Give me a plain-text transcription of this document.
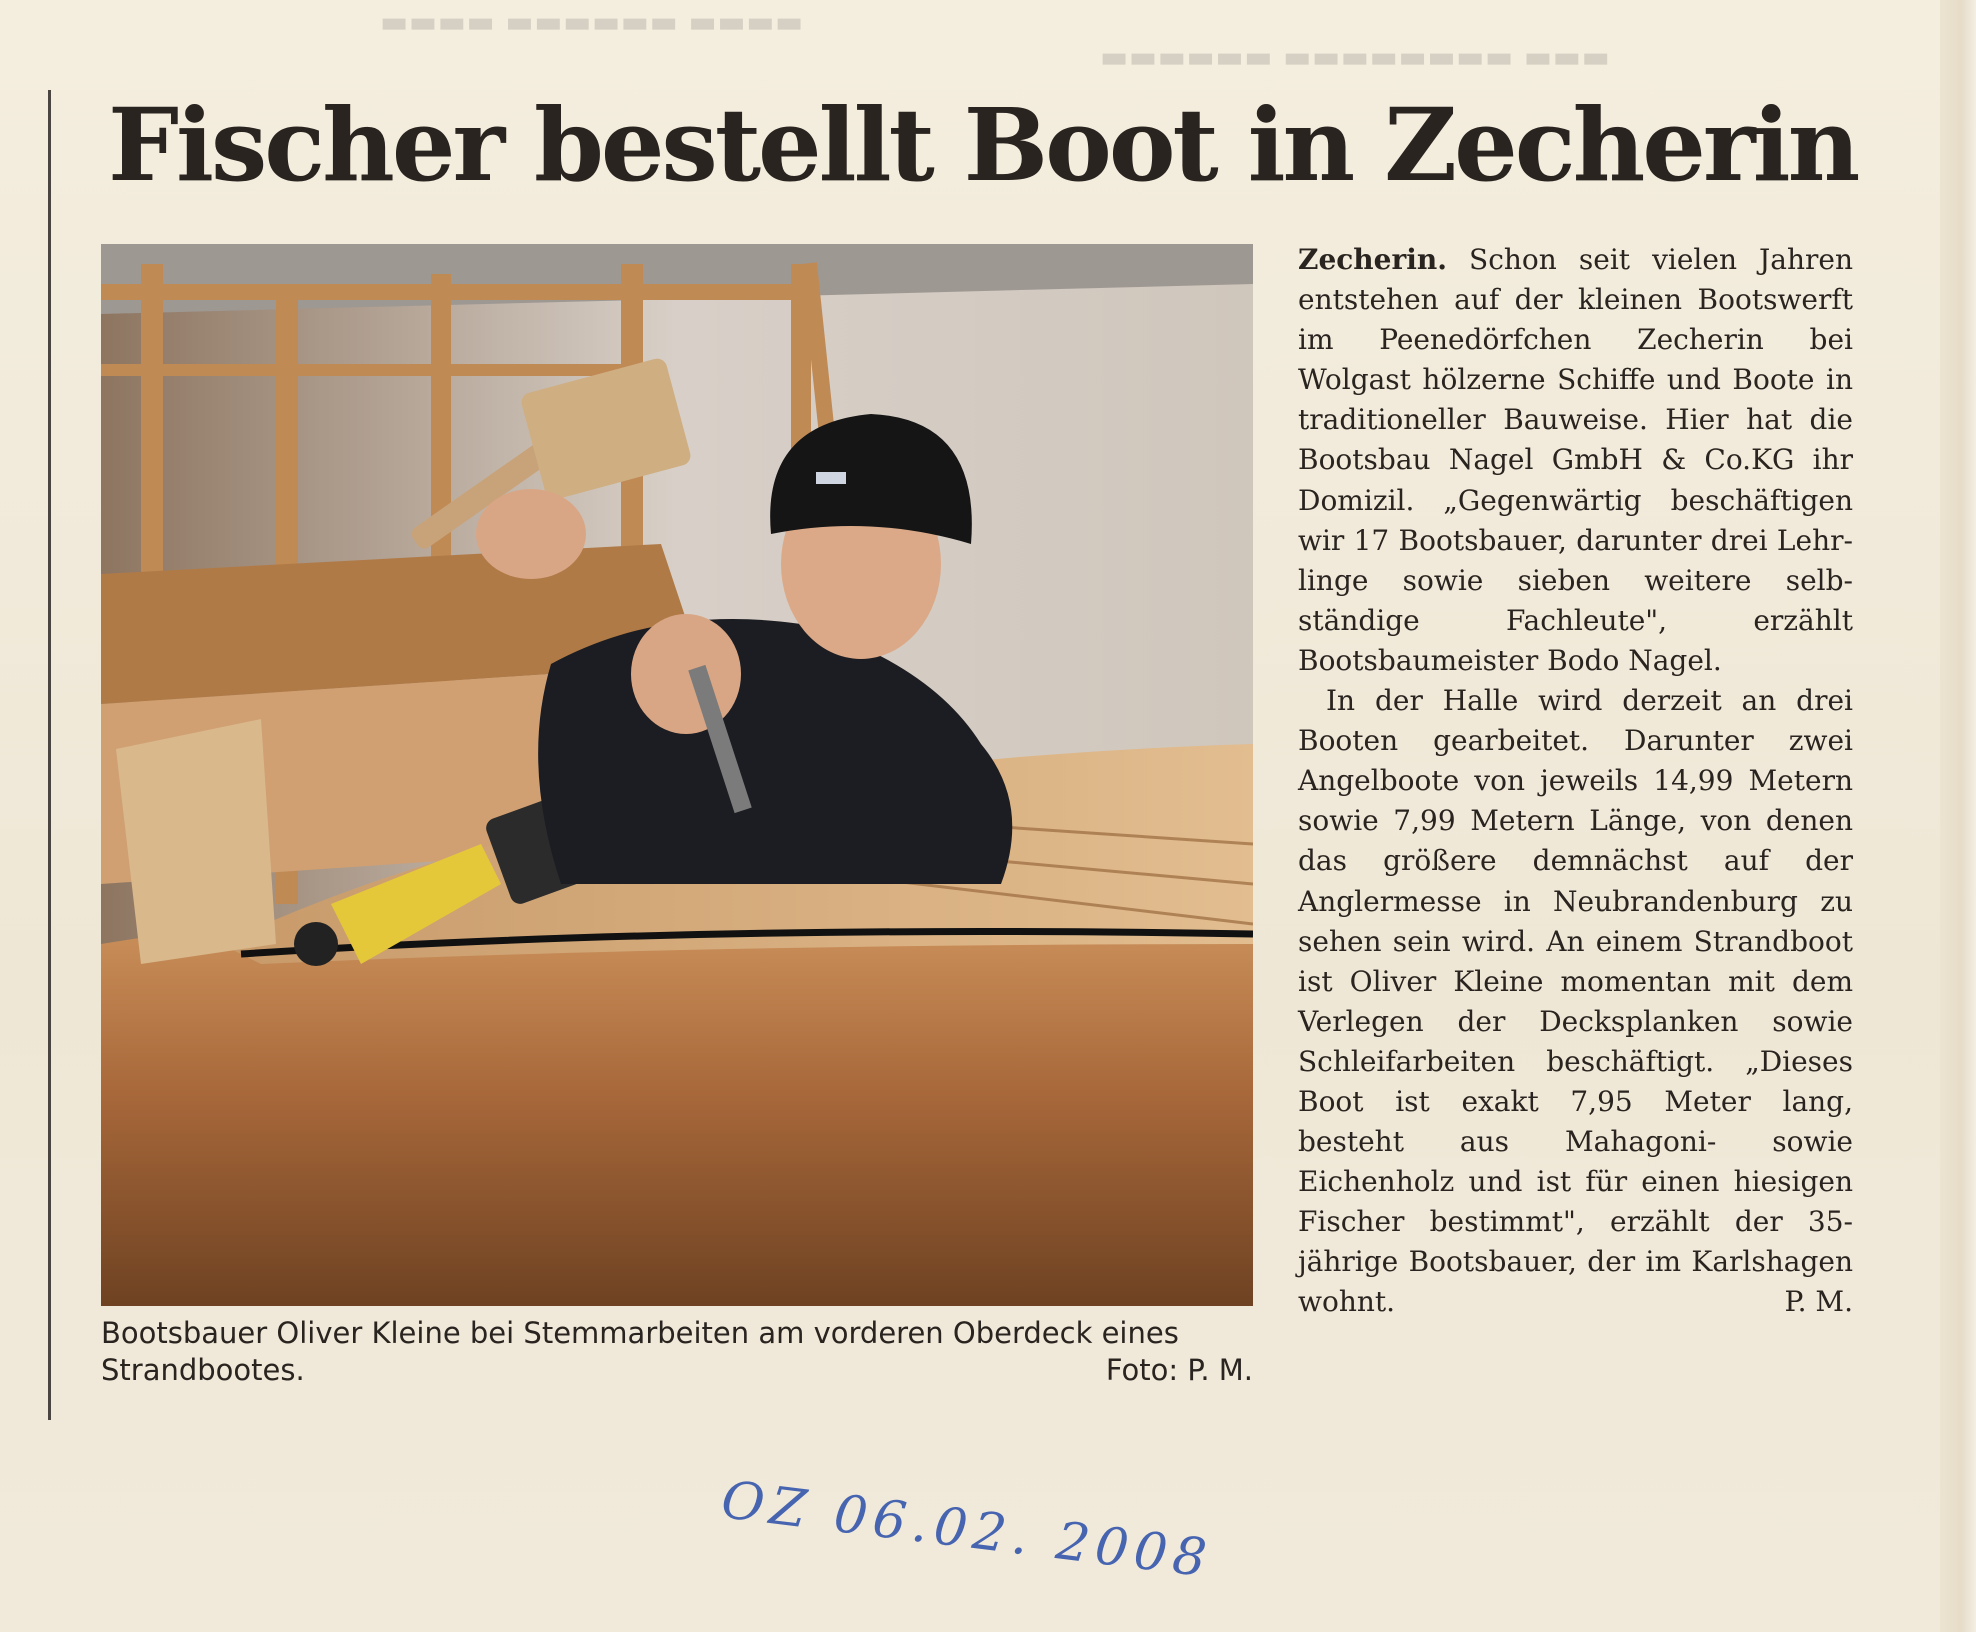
▬▬▬▬ ▬▬▬▬▬▬ ▬▬▬▬
▬▬▬▬▬▬ ▬▬▬▬▬▬▬▬ ▬▬▬
Fischer bestellt Boot in Zecherin
Bootsbauer Oliver Kleine bei Stemmarbeiten am vorderen Oberdeck eines
Strandbootes.	Foto: P. M.

Zecherin. Schon seit vielen Jahren entstehen auf der kleinen Bootswerft im Peenedörfchen Zecherin bei Wolgast hölzerne Schiffe und Boote in traditioneller Bauweise. Hier hat die Bootsbau Nagel GmbH & Co.KG ihr Domizil. „Gegenwärtig beschäftigen wir 17 Bootsbauer, darunter drei Lehrlinge sowie sieben weitere selbständige Fachleute", erzählt Bootsbaumeister Bodo Nagel.

In der Halle wird derzeit an drei Booten gearbeitet. Darunter zwei Angelboote von jeweils 14,99 Metern sowie 7,99 Metern Länge, von denen das größere demnächst auf der Anglermesse in Neubrandenburg zu sehen sein wird. An einem Strandboot ist Oliver Kleine momentan mit dem Verlegen der Decksplanken sowie Schleifarbeiten beschäftigt. „Dieses Boot ist exakt 7,95 Meter lang, besteht aus Mahagoni- sowie Eichenholz und ist für einen hiesigen Fischer bestimmt", erzählt der 35-jährige Bootsbauer, der im Karlshagen wohnt.	P. M.

OZ 06.02. 2008
